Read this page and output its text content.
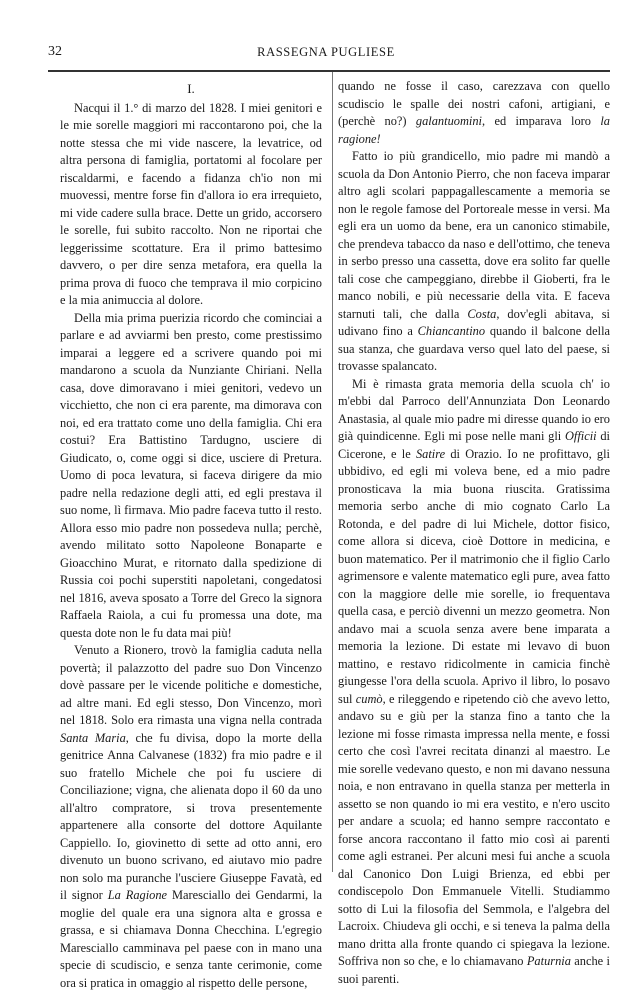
32	RASSEGNA PUGLIESE
I.

Nacqui il 1.° di marzo del 1828. I miei genitori e le mie sorelle maggiori mi raccontarono poi, che la notte stessa che mi vide nascere, la levatrice, od altra persona di famiglia, portatomi al focolare per riscaldarmi, e facendo a fidanza ch'io non mi muovessi, mentre forse fin d'allora io era irrequieto, mi vide cadere sulla brace. Dette un grido, accorsero le sorelle, fui subito raccolto. Non ne riportai che leggerissime scottature. Era il primo battesimo davvero, o per dire senza metafora, era quella la prima prova di fuoco che temprava il mio corpicino e la mia animuccia al dolore.

Della mia prima puerizia ricordo che cominciai a parlare e ad avviarmi ben presto, come prestissimo imparai a leggere ed a scrivere quando poi mi mandarono a scuola da Nunziante Chiriani. Nella casa, dove dimoravano i miei genitori, vedevo un vicchietto, che non ci era parente, ma dimorava con noi, ed era trattato come uno della famiglia. Chi era costui? Era Battistino Tardugno, usciere di Giudicato, o, come oggi si dice, usciere di Pretura. Uomo di poca levatura, si faceva dirigere da mio padre nella redazione degli atti, ed egli prestava il suo nome, lì firmava. Mio padre faceva tutto il resto. Allora esso mio padre non possedeva nulla; perchè, avendo militato sotto Napoleone Bonaparte e Gioacchino Murat, e ritornato dalla spedizione di Russia coi pochi superstiti napoletani, congedatosi nel 1816, aveva sposato a Torre del Greco la signora Raffaela Raiola, a cui fu promessa una dote, ma questa dote non le fu data mai più!

Venuto a Rionero, trovò la famiglia caduta nella povertà; il palazzotto del padre suo Don Vincenzo dovè passare per le vicende politiche e domestiche, ad altre mani. Ed egli stesso, Don Vincenzo, morì nel 1818. Solo era rimasta una vigna nella contrada Santa Maria, che fu divisa, dopo la morte della genitrice Anna Calvanese (1832) fra mio padre e il suo fratello Michele che poi fu usciere di Conciliazione; vigna, che alienata dopo il 60 da uno all'altro compratore, si trova presentemente appartenere alla consorte del dottore Aquilante Cappiello. Io, giovinetto di sette ad otto anni, ero divenuto un buono scrivano, ed aiutavo mio padre non solo ma puranche l'usciere Giuseppe Favatà, ed il signor La Ragione Maresciallo dei Gendarmi, la moglie del quale era una signora alta e grossa e grassa, e si chiamava Donna Checchina. L'egregio Maresciallo camminava pel paese con in mano una specie di scudiscio, e senza tante cerimonie, come ora si pratica in omaggio al rispetto delle persone,

quando ne fosse il caso, carezzava con quello scudiscio le spalle dei nostri cafoni, artigiani, e (perchè no?) galantuomini, ed imparava loro la ragione!

Fatto io più grandicello, mio padre mi mandò a scuola da Don Antonio Pierro, che non faceva imparar altro agli scolari pappagallescamente a memoria se non le regole famose del Portoreale messe in versi. Ma egli era un uomo da bene, era un canonico stimabile, che prendeva tabacco da naso e dell'ottimo, che teneva in serbo presso una cassetta, dove era solito far quelle tali cose che campeggiano, direbbe il Gioberti, fra le manco nobili, e più necessarie della vita. E faceva starnuti tali, che dalla Costa, dov'egli abitava, si udivano fino a Chiancantino quando il balcone della sua stanza, che guardava verso quel lato del paese, si trovasse spalancato.

Mi è rimasta grata memoria della scuola ch' io m'ebbi dal Parroco dell'Annunziata Don Leonardo Anastasia, al quale mio padre mi diresse quando io ero già quindicenne. Egli mi pose nelle mani gli Officii di Cicerone, e le Satire di Orazio. Io ne profittavo, gli ubbidivo, ed egli mi voleva bene, ed a mio padre pronosticava la mia buona riuscita. Gratissima memoria serbo anche di mio cognato Carlo La Rotonda, e del padre di lui Michele, dottor fisico, come allora si diceva, cioè Dottore in medicina, e buon matematico. Per il matrimonio che il figlio Carlo agrimensore e valente matematico egli pure, avea fatto con la maggiore delle mie sorelle, io frequentava quella casa, e perciò divenni un mezzo geometra. Non andavo mai a scuola senza avere bene imparata a memoria la lezione. Di estate mi levavo di buon mattino, e restavo ridicolmente in camicia finchè giungesse l'ora della scuola. Aprivo il libro, lo posavo sul cumò, e rileggendo e ripetendo ciò che avevo letto, andavo su e giù per la stanza fino a tanto che la lezione mi fosse rimasta impressa nella mente, e fossi certo che così l'avrei recitata dinanzi al maestro. Le mie sorelle vedevano questo, e non mi davano nessuna noia, e non entravano in quella stanza per metterla in assetto se non quando io mi era vestito, e n'ero uscito per andare a scuola; ed hanno sempre raccontato e forse ancora raccontano il fatto mio così ai parenti come agli estranei. Per alcuni mesi fui anche a scuola dal Canonico Don Luigi Brienza, ed ebbi per condiscepolo Don Emmanuele Vitelli. Studiammo sotto di Lui la filosofia del Semmola, e l'algebra del Lacroix. Chiudeva gli occhi, e si teneva la palma della mano dritta alla fronte quando ci spiegava la lezione. Soffriva non so che, e lo chiamavano Paturnia anche i suoi parenti.
